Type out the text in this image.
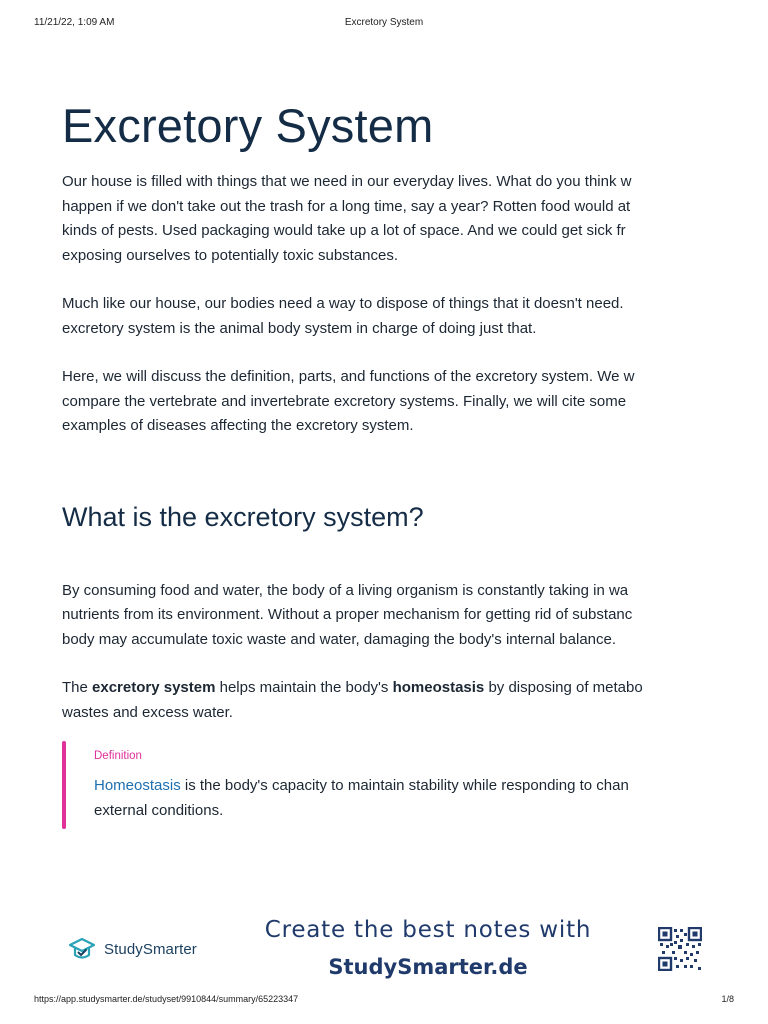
11/21/22, 1:09 AM	Excretory System
Excretory System

Our house is filled with things that we need in our everyday lives. What do you think w
happen if we don't take out the trash for a long time, say a year? Rotten food would at
kinds of pests. Used packaging would take up a lot of space. And we could get sick fr
exposing ourselves to potentially toxic substances.

Much like our house, our bodies need a way to dispose of things that it doesn't need.
excretory system is the animal body system in charge of doing just that.

Here, we will discuss the definition, parts, and functions of the excretory system. We w
compare the vertebrate and invertebrate excretory systems. Finally, we will cite some
examples of diseases affecting the excretory system.

What is the excretory system?

By consuming food and water, the body of a living organism is constantly taking in wa
nutrients from its environment. Without a proper mechanism for getting rid of substanc
body may accumulate toxic waste and water, damaging the body's internal balance.

The excretory system helps maintain the body's homeostasis by disposing of metabo
wastes and excess water.

Definition

Homeostasis is the body's capacity to maintain stability while responding to chan
external conditions.

StudySmarter
Create the best notes with
StudySmarter.de
https://app.studysmarter.de/studyset/9910844/summary/65223347	1/8
